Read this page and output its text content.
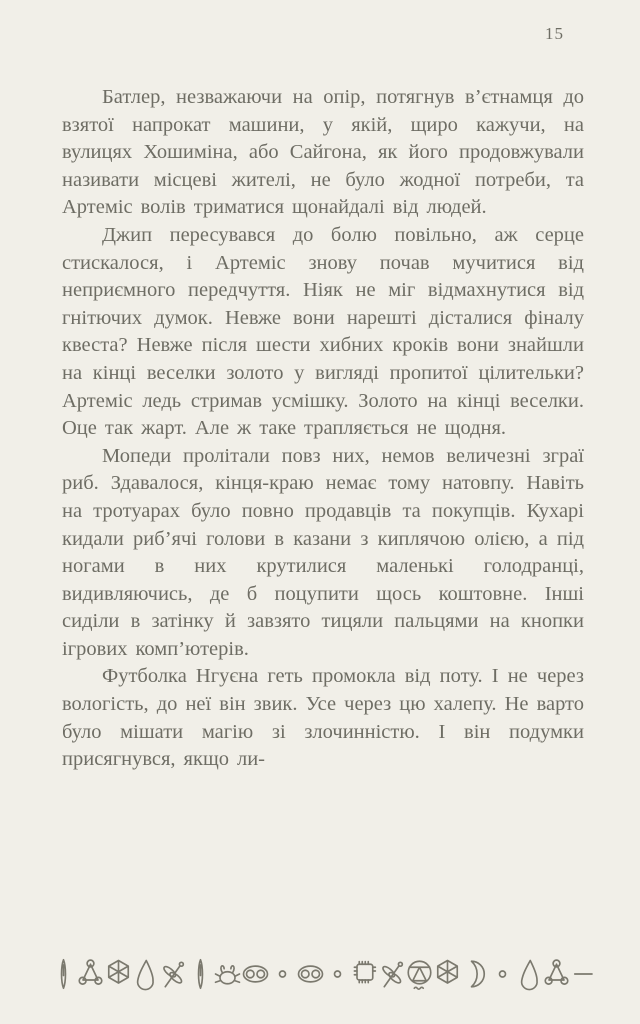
15

Батлер, незважаючи на опір, потягнув в’єтнамця до взятої напрокат машини, у якій, щиро кажучи, на вулицях Хошиміна, або Сайгона, як його продовжували називати місцеві жителі, не було жодної потреби, та Артеміс волів триматися щонайдалі від людей.

Джип пересувався до болю повільно, аж серце стискалося, і Артеміс знову почав мучитися від неприємного передчуття. Ніяк не міг відмахнутися від гнітючих думок. Невже вони нарешті дісталися фіналу квеста? Невже після шести хибних кроків вони знайшли на кінці веселки золото у вигляді пропитої цілительки? Артеміс ледь стримав усмішку. Золото на кінці веселки. Оце так жарт. Але ж таке трапляється не щодня.

Мопеди пролітали повз них, немов величезні зграї риб. Здавалося, кінця-краю немає тому натовпу. Навіть на тротуарах було повно продавців та покупців. Кухарі кидали риб’ячі голови в казани з киплячою олією, а під ногами в них крутилися маленькі голодранці, видивляючись, де б поцупити щось коштовне. Інші сиділи в затінку й завзято тицяли пальцями на кнопки ігрових комп’ютерів.

Футболка Нгуєна геть промокла від поту. І не через вологість, до неї він звик. Усе через цю халепу. Не варто було мішати магію зі злочинністю. І він подумки присягнувся, якщо ли-
